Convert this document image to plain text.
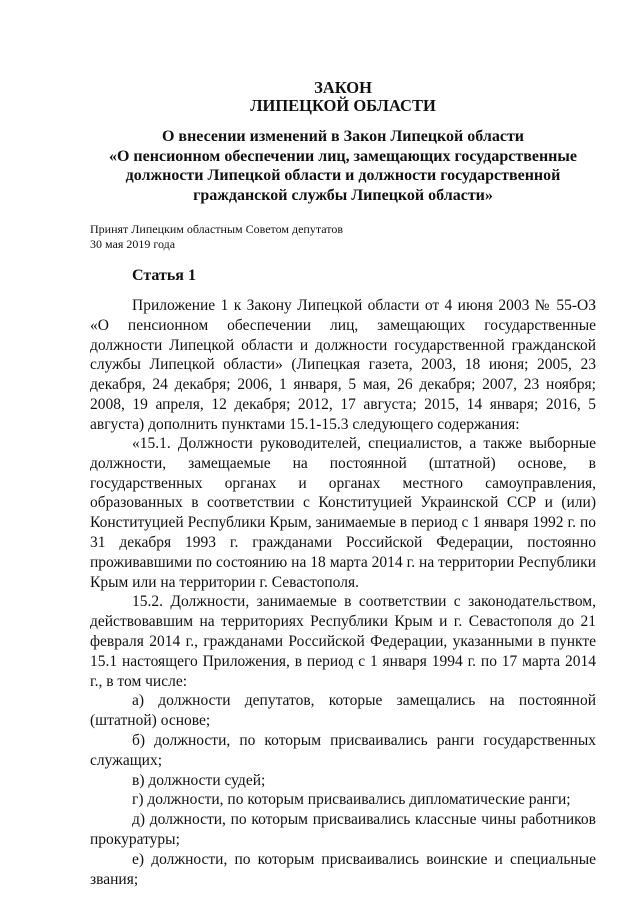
ЗАКОН
ЛИПЕЦКОЙ ОБЛАСТИ
О внесении изменений в Закон Липецкой области
«О пенсионном обеспечении лиц, замещающих государственные
должности Липецкой области и должности государственной
гражданской службы Липецкой области»
Принят Липецким областным Советом депутатов
30 мая 2019 года
Статья 1

Приложение 1 к Закону Липецкой области от 4 июня 2003 № 55-ОЗ «О пенсионном обеспечении лиц, замещающих государственные должности Липецкой области и должности государственной гражданской службы Липецкой области» (Липецкая газета, 2003, 18 июня; 2005, 23 декабря, 24 декабря; 2006, 1 января, 5 мая, 26 декабря; 2007, 23 ноября; 2008, 19 апреля, 12 декабря; 2012, 17 августа; 2015, 14 января; 2016, 5 августа) дополнить пунктами 15.1-15.3 следующего содержания:

«15.1. Должности руководителей, специалистов, а также выборные должности, замещаемые на постоянной (штатной) основе, в государственных органах и органах местного самоуправления, образованных в соответствии с Конституцией Украинской ССР и (или) Конституцией Республики Крым, занимаемые в период с 1 января 1992 г. по 31 декабря 1993 г. гражданами Российской Федерации, постоянно проживавшими по состоянию на 18 марта 2014 г. на территории Республики Крым или на территории г. Севастополя.

15.2. Должности, занимаемые в соответствии с законодательством, действовавшим на территориях Республики Крым и г. Севастополя до 21 февраля 2014 г., гражданами Российской Федерации, указанными в пункте 15.1 настоящего Приложения, в период с 1 января 1994 г. по 17 марта 2014 г., в том числе:

а) должности депутатов, которые замещались на постоянной (штатной) основе;

б) должности, по которым присваивались ранги государственных служащих;

в) должности судей;

г) должности, по которым присваивались дипломатические ранги;

д) должности, по которым присваивались классные чины работников прокуратуры;

е) должности, по которым присваивались воинские и специальные звания;
